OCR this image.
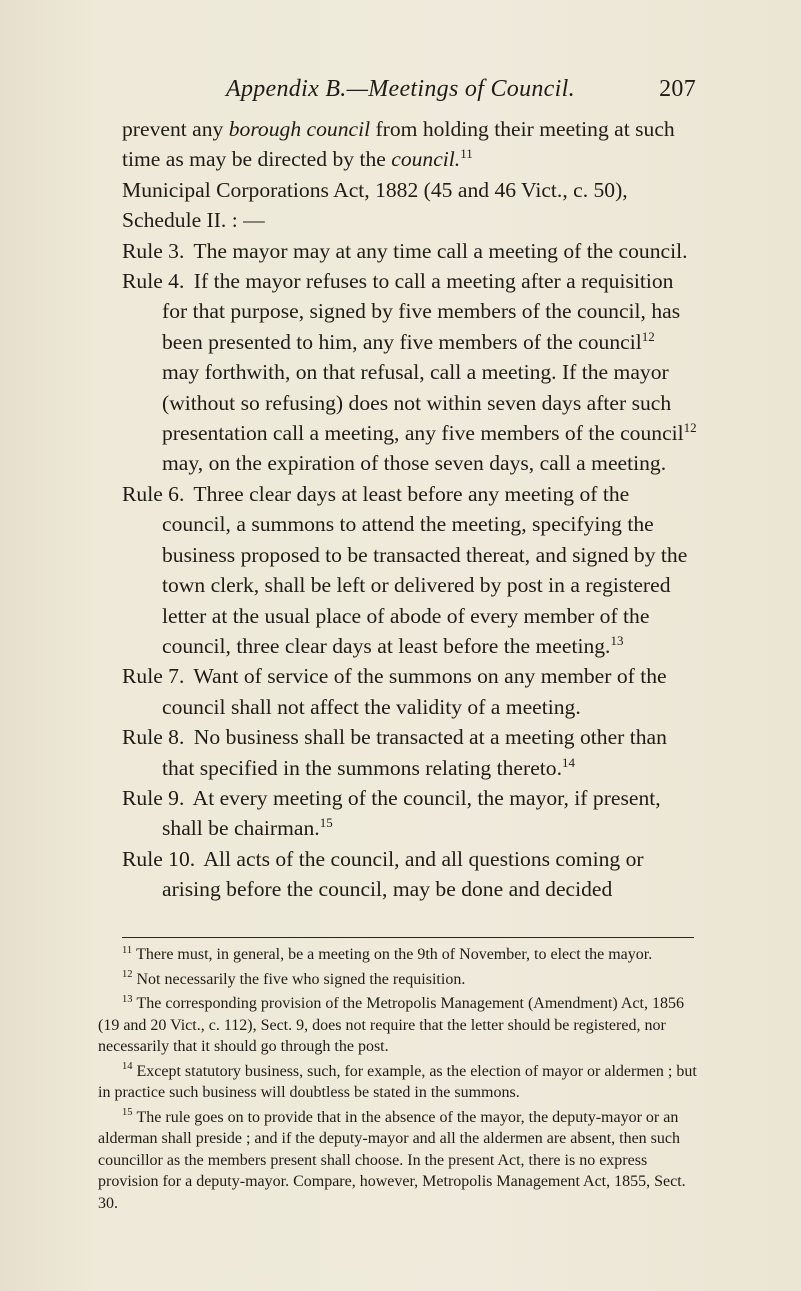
Appendix B.—Meetings of Council.	207

prevent any borough council from holding their meeting at such time as may be directed by the council.$^{11}$

Municipal Corporations Act, 1882 (45 and 46 Vict., c. 50), Schedule II. : —

Rule 3. The mayor may at any time call a meeting of the council.

Rule 4. If the mayor refuses to call a meeting after a requisition for that purpose, signed by five members of the council, has been presented to him, any five members of the council$^{12}$ may forthwith, on that refusal, call a meeting. If the mayor (without so refusing) does not within seven days after such presentation call a meeting, any five members of the council$^{12}$ may, on the expiration of those seven days, call a meeting.

Rule 6. Three clear days at least before any meeting of the council, a summons to attend the meeting, specifying the business proposed to be transacted thereat, and signed by the town clerk, shall be left or delivered by post in a registered letter at the usual place of abode of every member of the council, three clear days at least before the meeting.$^{13}$

Rule 7. Want of service of the summons on any member of the council shall not affect the validity of a meeting.

Rule 8. No business shall be transacted at a meeting other than that specified in the summons relating thereto.$^{14}$

Rule 9. At every meeting of the council, the mayor, if present, shall be chairman.$^{15}$

Rule 10. All acts of the council, and all questions coming or arising before the council, may be done and decided

$^{11}$ There must, in general, be a meeting on the 9th of November, to elect the mayor.

$^{12}$ Not necessarily the five who signed the requisition.

$^{13}$ The corresponding provision of the Metropolis Management (Amendment) Act, 1856 (19 and 20 Vict., c. 112), Sect. 9, does not require that the letter should be registered, nor necessarily that it should go through the post.

$^{14}$ Except statutory business, such, for example, as the election of mayor or aldermen ; but in practice such business will doubtless be stated in the summons.

$^{15}$ The rule goes on to provide that in the absence of the mayor, the deputy-mayor or an alderman shall preside ; and if the deputy-mayor and all the aldermen are absent, then such councillor as the members present shall choose. In the present Act, there is no express provision for a deputy-mayor. Compare, however, Metropolis Management Act, 1855, Sect. 30.
